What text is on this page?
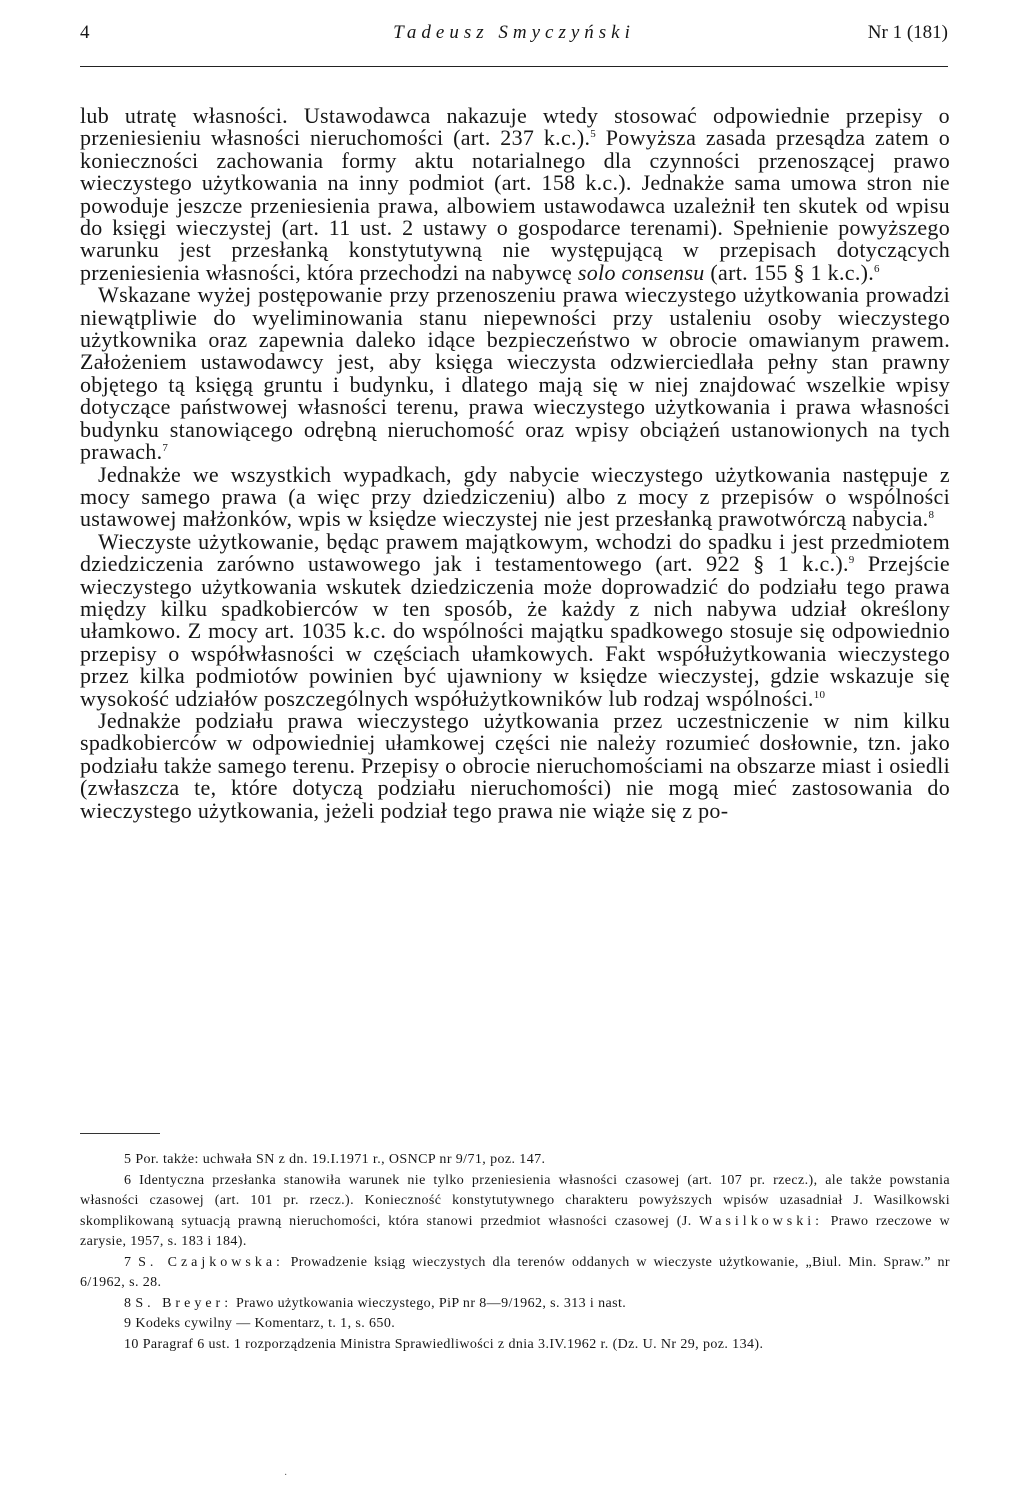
4	Tadeusz Smyczyński	Nr 1 (181)

lub utratę własności. Ustawodawca nakazuje wtedy stosować odpowiednie przepisy o przeniesieniu własności nieruchomości (art. 237 k.c.).$^5$ Powyższa zasada przesądza zatem o konieczności zachowania formy aktu notarialnego dla czynności przenoszącej prawo wieczystego użytkowania na inny podmiot (art. 158 k.c.). Jednakże sama umowa stron nie powoduje jeszcze przeniesienia prawa, albowiem ustawodawca uzależnił ten skutek od wpisu do księgi wieczystej (art. 11 ust. 2 ustawy o gospodarce terenami). Spełnienie powyższego warunku jest przesłanką konstytutywną nie występującą w przepisach dotyczących przeniesienia własności, która przechodzi na nabywcę solo consensu (art. 155 § 1 k.c.).$^6$

Wskazane wyżej postępowanie przy przenoszeniu prawa wieczystego użytkowania prowadzi niewątpliwie do wyeliminowania stanu niepewności przy ustaleniu osoby wieczystego użytkownika oraz zapewnia daleko idące bezpieczeństwo w obrocie omawianym prawem. Założeniem ustawodawcy jest, aby księga wieczysta odzwierciedlała pełny stan prawny objętego tą księgą gruntu i budynku, i dlatego mają się w niej znajdować wszelkie wpisy dotyczące państwowej własności terenu, prawa wieczystego użytkowania i prawa własności budynku stanowiącego odrębną nieruchomość oraz wpisy obciążeń ustanowionych na tych prawach.$^7$

Jednakże we wszystkich wypadkach, gdy nabycie wieczystego użytkowania następuje z mocy samego prawa (a więc przy dziedziczeniu) albo z mocy z przepisów o wspólności ustawowej małżonków, wpis w księdze wieczystej nie jest przesłanką prawotwórczą nabycia.$^8$

Wieczyste użytkowanie, będąc prawem majątkowym, wchodzi do spadku i jest przedmiotem dziedziczenia zarówno ustawowego jak i testamentowego (art. 922 § 1 k.c.).$^9$ Przejście wieczystego użytkowania wskutek dziedziczenia może doprowadzić do podziału tego prawa między kilku spadkobierców w ten sposób, że każdy z nich nabywa udział określony ułamkowo. Z mocy art. 1035 k.c. do wspólności majątku spadkowego stosuje się odpowiednio przepisy o współwłasności w częściach ułamkowych. Fakt współużytkowania wieczystego przez kilka podmiotów powinien być ujawniony w księdze wieczystej, gdzie wskazuje się wysokość udziałów poszczególnych współużytkowników lub rodzaj wspólności.$^{10}$

Jednakże podziału prawa wieczystego użytkowania przez uczestniczenie w nim kilku spadkobierców w odpowiedniej ułamkowej części nie należy rozumieć dosłownie, tzn. jako podziału także samego terenu. Przepisy o obrocie nieruchomościami na obszarze miast i osiedli (zwłaszcza te, które dotyczą podziału nieruchomości) nie mogą mieć zastosowania do wieczystego użytkowania, jeżeli podział tego prawa nie wiąże się z po-

5 Por. także: uchwała SN z dn. 19.I.1971 r., OSNCP nr 9/71, poz. 147.

6 Identyczna przesłanka stanowiła warunek nie tylko przeniesienia własności czasowej (art. 107 pr. rzecz.), ale także powstania własności czasowej (art. 101 pr. rzecz.). Konieczność konstytutywnego charakteru powyższych wpisów uzasadniał J. Wasilkowski skomplikowaną sytuacją prawną nieruchomości, która stanowi przedmiot własności czasowej (J. Wasilkowski: Prawo rzeczowe w zarysie, 1957, s. 183 i 184).

7 S. Czajkowska: Prowadzenie ksiąg wieczystych dla terenów oddanych w wieczyste użytkowanie, „Biul. Min. Spraw.” nr 6/1962, s. 28.

8 S. Breyer: Prawo użytkowania wieczystego, PiP nr 8—9/1962, s. 313 i nast.

9 Kodeks cywilny — Komentarz, t. 1, s. 650.

10 Paragraf 6 ust. 1 rozporządzenia Ministra Sprawiedliwości z dnia 3.IV.1962 r. (Dz. U. Nr 29, poz. 134).

·
